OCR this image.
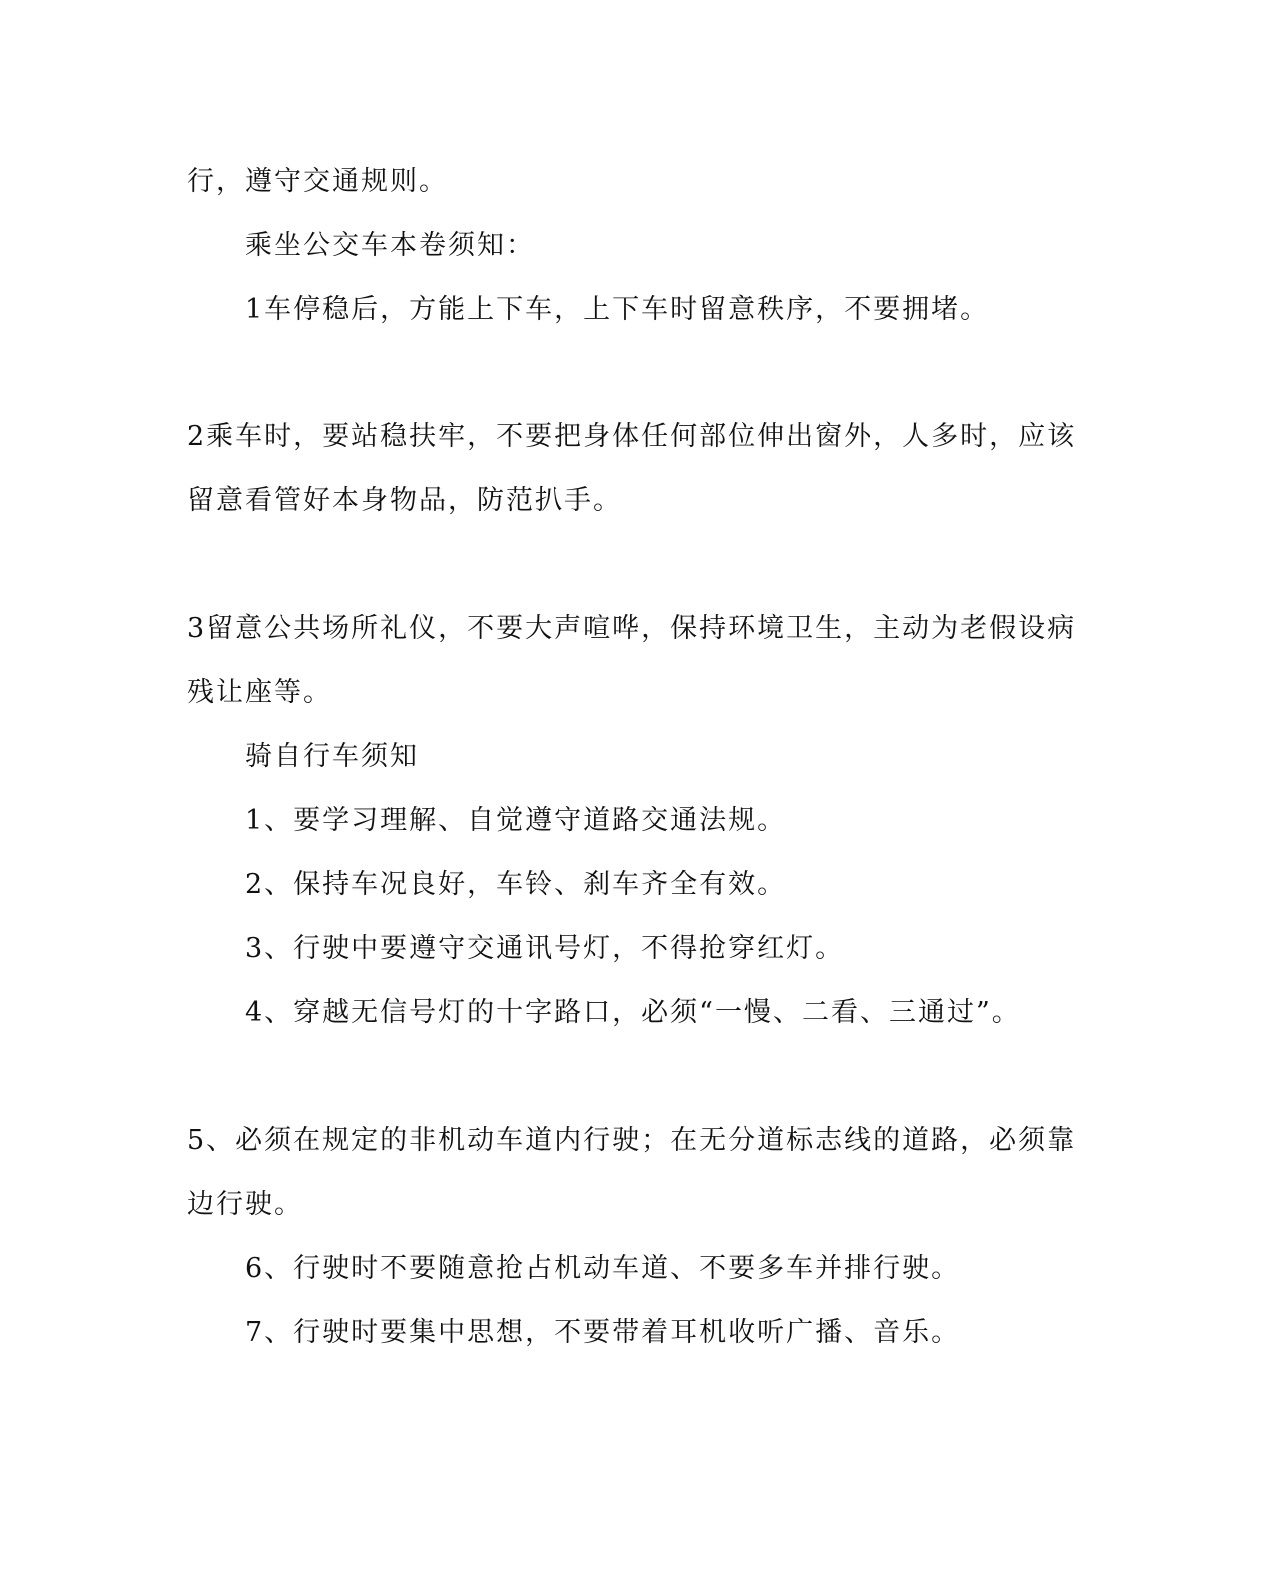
行，遵守交通规则。

乘坐公交车本卷须知：

1车停稳后，方能上下车，上下车时留意秩序，不要拥堵。

2乘车时，要站稳扶牢，不要把身体任何部位伸出窗外，人多时，应该

留意看管好本身物品，防范扒手。

3留意公共场所礼仪，不要大声喧哗，保持环境卫生，主动为老假设病

残让座等。

骑自行车须知

1、要学习理解、自觉遵守道路交通法规。

2、保持车况良好，车铃、刹车齐全有效。

3、行驶中要遵守交通讯号灯，不得抢穿红灯。

4、穿越无信号灯的十字路口，必须“一慢、二看、三通过”。

5、必须在规定的非机动车道内行驶；在无分道标志线的道路，必须靠

边行驶。

6、行驶时不要随意抢占机动车道、不要多车并排行驶。

7、行驶时要集中思想，不要带着耳机收听广播、音乐。
